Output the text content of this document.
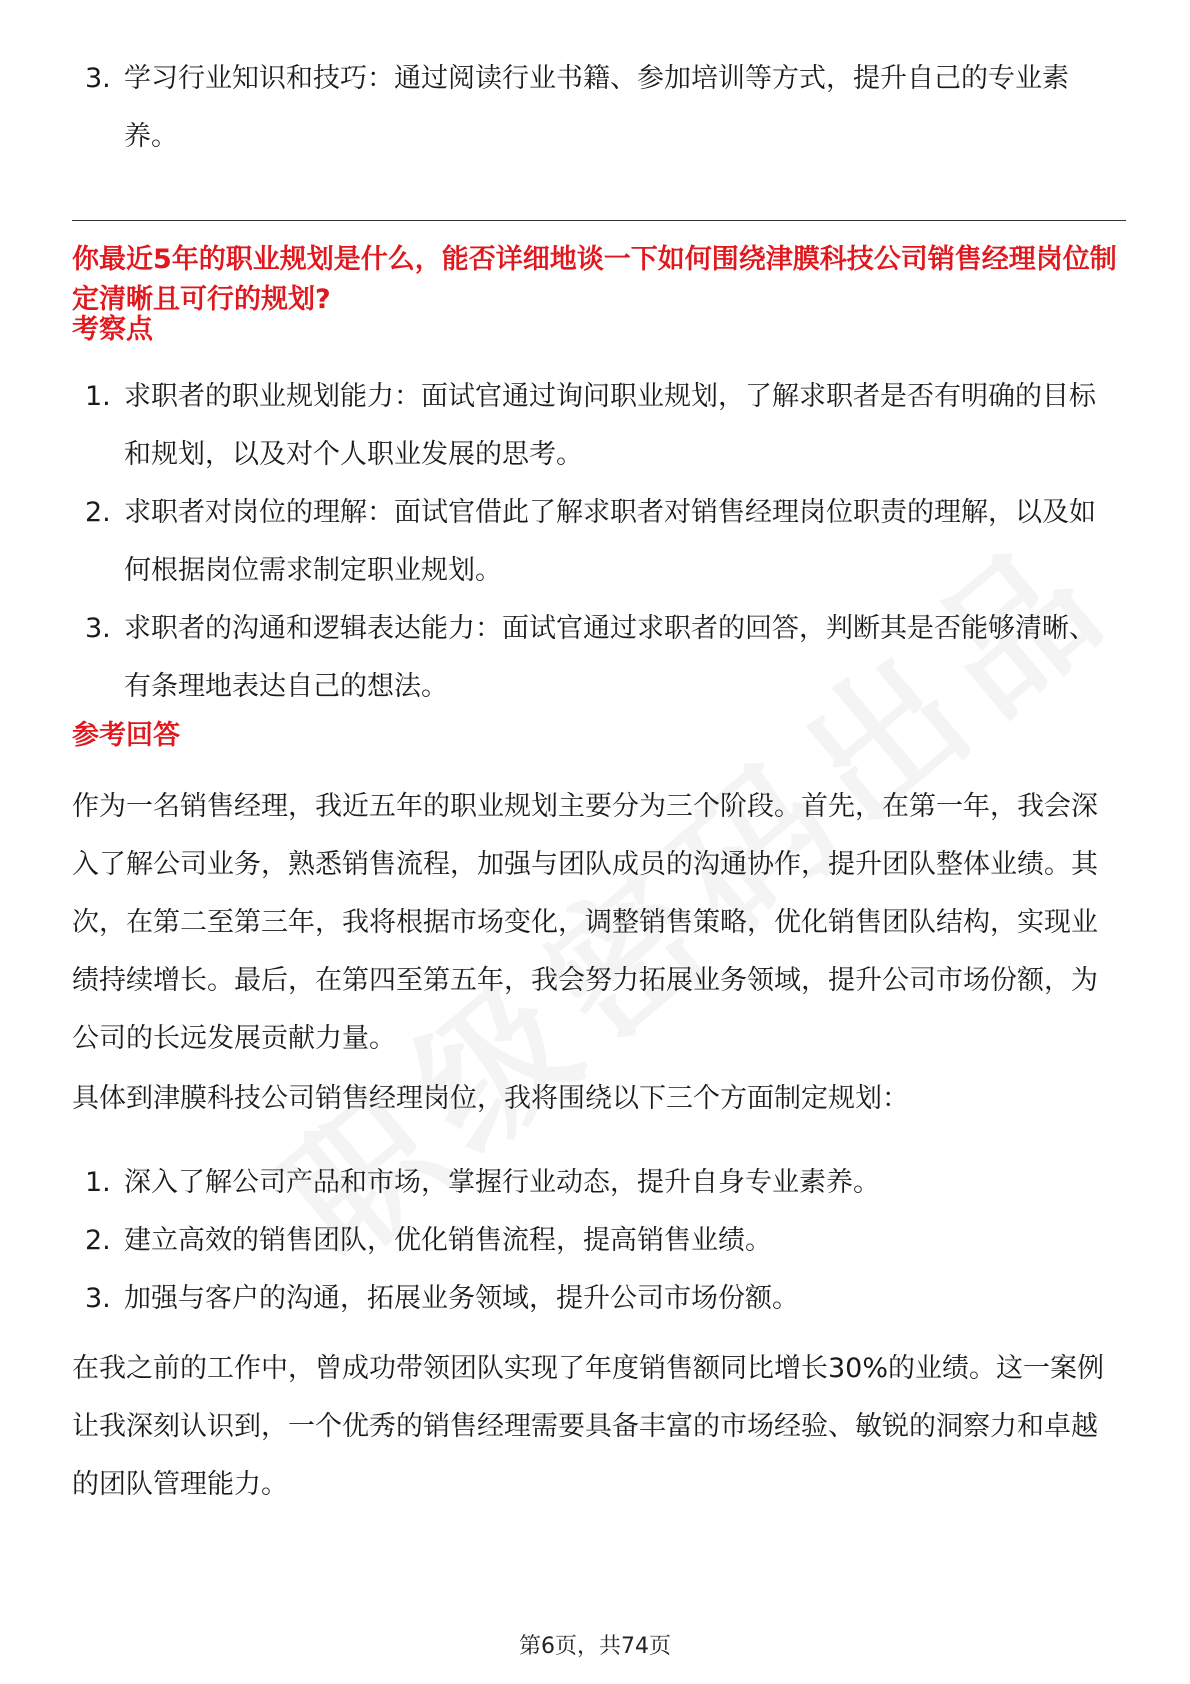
3. 学习行业知识和技巧：通过阅读行业书籍、参加培训等方式，提升自己的专业素养。
你最近5年的职业规划是什么，能否详细地谈一下如何围绕津膜科技公司销售经理岗位制定清晰且可行的规划?
考察点
1. 求职者的职业规划能力：面试官通过询问职业规划，了解求职者是否有明确的目标和规划，以及对个人职业发展的思考。
2. 求职者对岗位的理解：面试官借此了解求职者对销售经理岗位职责的理解，以及如何根据岗位需求制定职业规划。
3. 求职者的沟通和逻辑表达能力：面试官通过求职者的回答，判断其是否能够清晰、有条理地表达自己的想法。
参考回答
作为一名销售经理，我近五年的职业规划主要分为三个阶段。首先，在第一年，我会深入了解公司业务，熟悉销售流程，加强与团队成员的沟通协作，提升团队整体业绩。其次，在第二至第三年，我将根据市场变化，调整销售策略，优化销售团队结构，实现业绩持续增长。最后，在第四至第五年，我会努力拓展业务领域，提升公司市场份额，为公司的长远发展贡献力量。
具体到津膜科技公司销售经理岗位，我将围绕以下三个方面制定规划：
1. 深入了解公司产品和市场，掌握行业动态，提升自身专业素养。
2. 建立高效的销售团队，优化销售流程，提高销售业绩。
3. 加强与客户的沟通，拓展业务领域，提升公司市场份额。
在我之前的工作中，曾成功带领团队实现了年度销售额同比增长30%的业绩。这一案例让我深刻认识到，一个优秀的销售经理需要具备丰富的市场经验、敏锐的洞察力和卓越的团队管理能力。
第6页，共74页
